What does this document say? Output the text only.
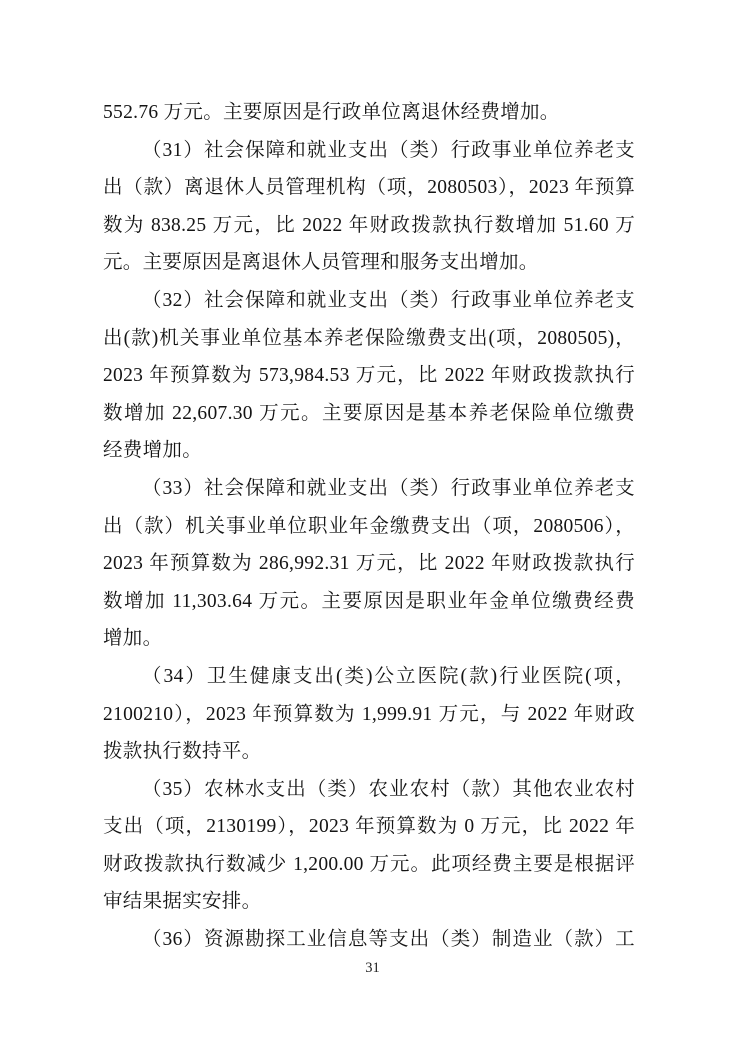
552.76 万元。主要原因是行政单位离退休经费增加。
（31）社会保障和就业支出（类）行政事业单位养老支
出（款）离退休人员管理机构（项，2080503），2023 年预算
数为 838.25 万元，比 2022 年财政拨款执行数增加 51.60 万
元。主要原因是离退休人员管理和服务支出增加。
（32）社会保障和就业支出（类）行政事业单位养老支
出(款)机关事业单位基本养老保险缴费支出(项，2080505)，
2023 年预算数为 573,984.53 万元，比 2022 年财政拨款执行
数增加 22,607.30 万元。主要原因是基本养老保险单位缴费
经费增加。
（33）社会保障和就业支出（类）行政事业单位养老支
出（款）机关事业单位职业年金缴费支出（项，2080506），
2023 年预算数为 286,992.31 万元，比 2022 年财政拨款执行
数增加 11,303.64 万元。主要原因是职业年金单位缴费经费
增加。
（34）卫生健康支出(类)公立医院(款)行业医院(项，
2100210），2023 年预算数为 1,999.91 万元，与 2022 年财政
拨款执行数持平。
（35）农林水支出（类）农业农村（款）其他农业农村
支出（项，2130199），2023 年预算数为 0 万元，比 2022 年
财政拨款执行数减少 1,200.00 万元。此项经费主要是根据评
审结果据实安排。
（36）资源勘探工业信息等支出（类）制造业（款）工
31
